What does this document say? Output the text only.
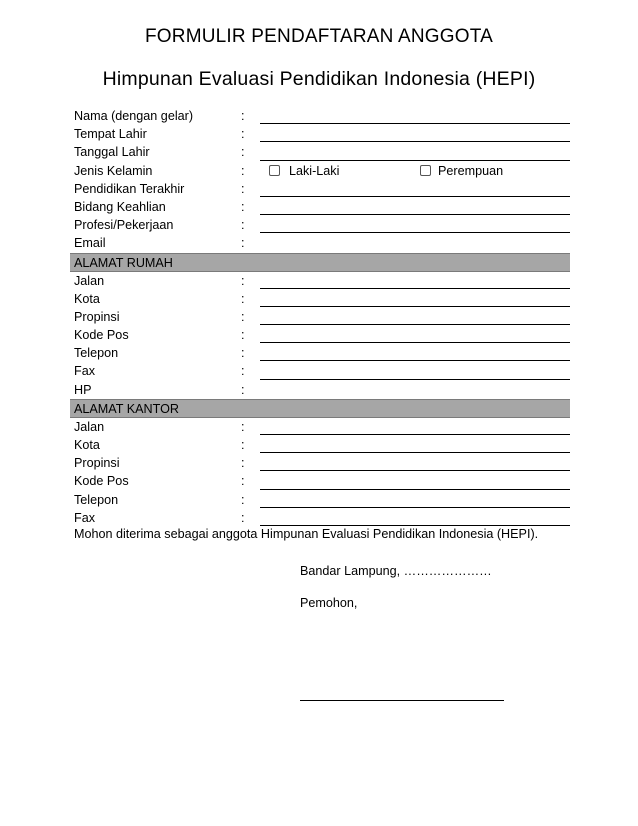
FORMULIR PENDAFTARAN ANGGOTA
Himpunan Evaluasi Pendidikan Indonesia (HEPI)
Nama (dengan gelar)	:
Tempat Lahir	:
Tanggal Lahir	:
Jenis Kelamin	:	Laki-Laki	Perempuan
Pendidikan Terakhir	:
Bidang Keahlian	:
Profesi/Pekerjaan	:
Email	:
ALAMAT RUMAH
Jalan	:
Kota	:
Propinsi	:
Kode Pos	:
Telepon	:
Fax	:
HP	:
ALAMAT KANTOR
Jalan	:
Kota	:
Propinsi	:
Kode Pos	:
Telepon	:
Fax	:
Mohon diterima sebagai anggota Himpunan Evaluasi Pendidikan Indonesia (HEPI).
Bandar Lampung, …………………
Pemohon,
